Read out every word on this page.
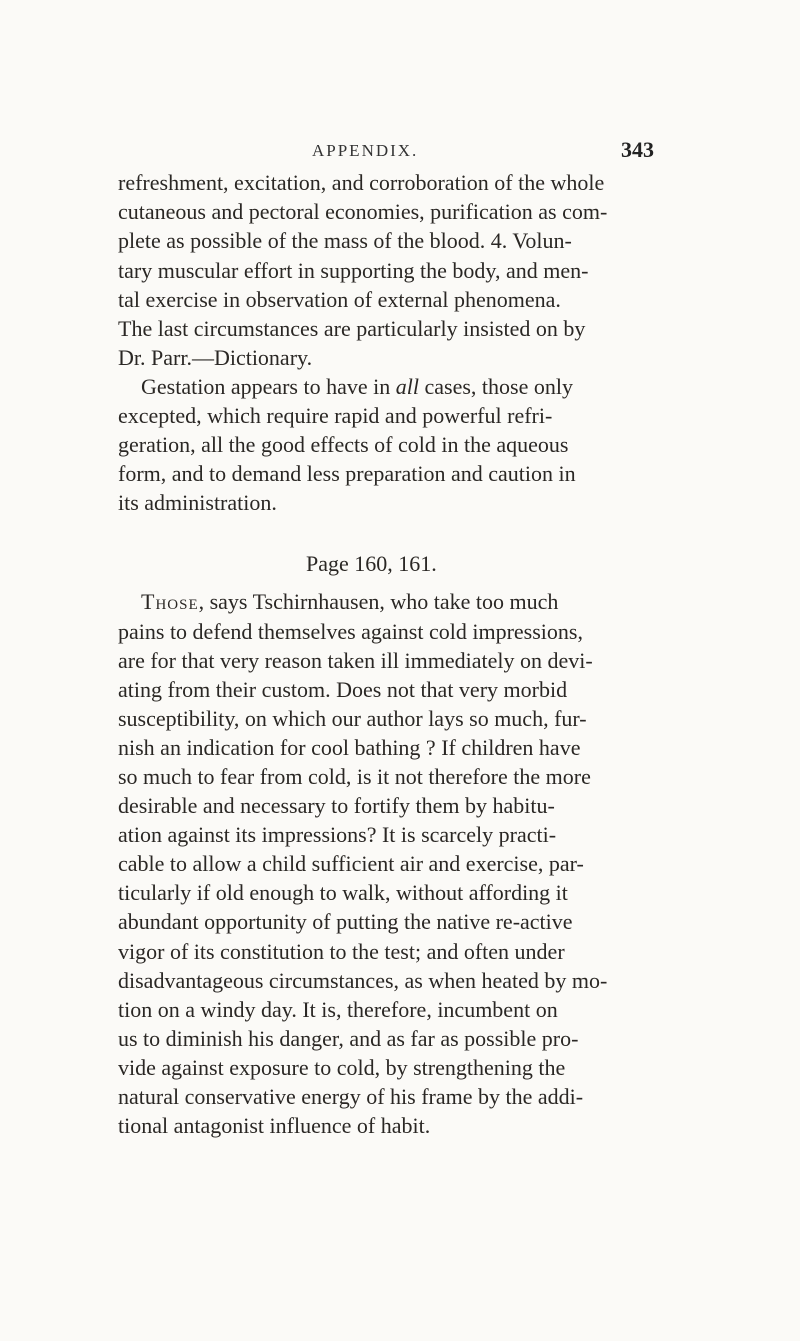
APPENDIX.	343
refreshment, excitation, and corroboration of the whole
cutaneous and pectoral economies, purification as com-
plete as possible of the mass of the blood. 4. Volun-
tary muscular effort in supporting the body, and men-
tal exercise in observation of external phenomena.
The last circumstances are particularly insisted on by
Dr. Parr.—Dictionary.
Gestation appears to have in all cases, those only
excepted, which require rapid and powerful refri-
geration, all the good effects of cold in the aqueous
form, and to demand less preparation and caution in
its administration.
Page 160, 161.
Those, says Tschirnhausen, who take too much
pains to defend themselves against cold impressions,
are for that very reason taken ill immediately on devi-
ating from their custom. Does not that very morbid
susceptibility, on which our author lays so much, fur-
nish an indication for cool bathing ? If children have
so much to fear from cold, is it not therefore the more
desirable and necessary to fortify them by habitu-
ation against its impressions? It is scarcely practi-
cable to allow a child sufficient air and exercise, par-
ticularly if old enough to walk, without affording it
abundant opportunity of putting the native re-active
vigor of its constitution to the test; and often under
disadvantageous circumstances, as when heated by mo-
tion on a windy day. It is, therefore, incumbent on
us to diminish his danger, and as far as possible pro-
vide against exposure to cold, by strengthening the
natural conservative energy of his frame by the addi-
tional antagonist influence of habit.
